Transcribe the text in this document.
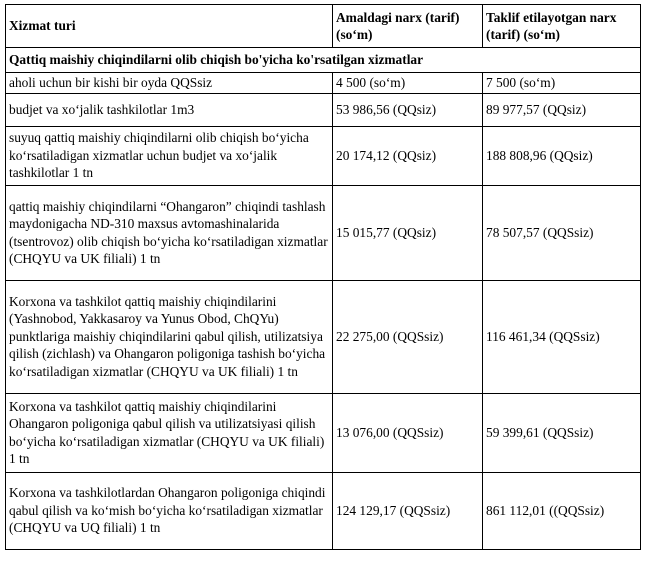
Xizmat turi	Amaldagi narx (tarif) (so‘m)	Taklif etilayotgan narx (tarif) (so‘m)
Qattiq maishiy chiqindilarni olib chiqish bo'yicha ko'rsatilgan xizmatlar		
aholi uchun bir kishi bir oyda QQSsiz	4 500 (so‘m)	7 500 (so‘m)
budjet va xo‘jalik tashkilotlar 1m3	53 986,56 (QQsiz)	89 977,57 (QQsiz)
suyuq qattiq maishiy chiqindilarni olib chiqish bo‘yicha ko‘rsatiladigan xizmatlar uchun budjet va xo‘jalik tashkilotlar 1 tn	20 174,12 (QQsiz)	188 808,96 (QQsiz)
qattiq maishiy chiqindilarni “Ohangaron” chiqindi tashlash maydonigacha ND-310 maxsus avtomashinalarida (tsentrovoz) olib chiqish bo‘yicha ko‘rsatiladigan xizmatlar (CHQYU va UK filiali) 1 tn	15 015,77 (QQsiz)	78 507,57 (QQSsiz)
Korxona va tashkilot qattiq maishiy chiqindilarini (Yashnobod, Yakkasaroy va Yunus Obod, ChQYu) punktlariga maishiy chiqindilarini qabul qilish, utilizatsiya qilish (zichlash) va Ohangaron poligoniga tashish bo‘yicha ko‘rsatiladigan xizmatlar (CHQYU va UK filiali) 1 tn	22 275,00 (QQSsiz)	116 461,34 (QQSsiz)
Korxona va tashkilot qattiq maishiy chiqindilarini Ohangaron poligoniga qabul qilish va utilizatsiyasi qilish bo‘yicha ko‘rsatiladigan xizmatlar (CHQYU va UK filiali) 1 tn	13 076,00 (QQSsiz)	59 399,61 (QQSsiz)
Korxona va tashkilotlardan Ohangaron poligoniga chiqindi qabul qilish va ko‘mish bo‘yicha ko‘rsatiladigan xizmatlar (CHQYU va UQ filiali) 1 tn	124 129,17 (QQSsiz)	861 112,01 ((QQSsiz)
